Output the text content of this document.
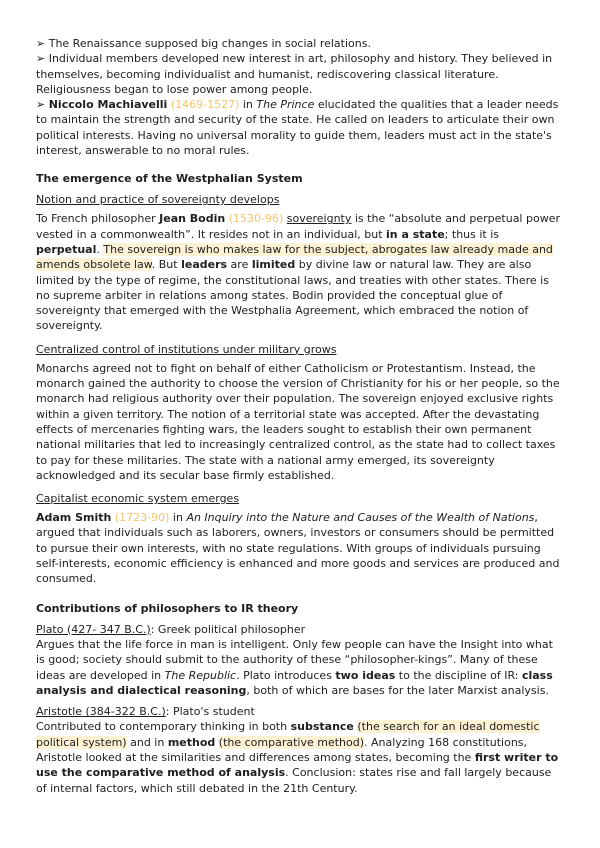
➢ The Renaissance supposed big changes in social relations.

➢ Individual members developed new interest in art, philosophy and history. They believed in themselves, becoming individualist and humanist, rediscovering classical literature. Religiousness began to lose power among people.

➢ Niccolo Machiavelli (1469-1527) in The Prince elucidated the qualities that a leader needs to maintain the strength and security of the state. He called on leaders to articulate their own political interests. Having no universal morality to guide them, leaders must act in the state's interest, answerable to no moral rules.

The emergence of the Westphalian System
Notion and practice of sovereignty develops

To French philosopher Jean Bodin (1530-96) sovereignty is the “absolute and perpetual power vested in a commonwealth”. It resides not in an individual, but in a state; thus it is perpetual. The sovereign is who makes law for the subject, abrogates law already made and amends obsolete law. But leaders are limited by divine law or natural law. They are also limited by the type of regime, the constitutional laws, and treaties with other states. There is no supreme arbiter in relations among states. Bodin provided the conceptual glue of sovereignty that emerged with the Westphalia Agreement, which embraced the notion of sovereignty.

Centralized control of institutions under military grows

Monarchs agreed not to fight on behalf of either Catholicism or Protestantism. Instead, the monarch gained the authority to choose the version of Christianity for his or her people, so the monarch had religious authority over their population. The sovereign enjoyed exclusive rights within a given territory. The notion of a territorial state was accepted. After the devastating effects of mercenaries fighting wars, the leaders sought to establish their own permanent national militaries that led to increasingly centralized control, as the state had to collect taxes to pay for these militaries. The state with a national army emerged, its sovereignty acknowledged and its secular base firmly established.

Capitalist economic system emerges

Adam Smith (1723-90) in An Inquiry into the Nature and Causes of the Wealth of Nations, argued that individuals such as laborers, owners, investors or consumers should be permitted to pursue their own interests, with no state regulations. With groups of individuals pursuing self-interests, economic efficiency is enhanced and more goods and services are produced and consumed.

Contributions of philosophers to IR theory

Plato (427- 347 B.C.): Greek political philosopher

Argues that the life force in man is intelligent. Only few people can have the Insight into what is good; society should submit to the authority of these “philosopher-kings”. Many of these ideas are developed in The Republic. Plato introduces two ideas to the discipline of IR: class analysis and dialectical reasoning, both of which are bases for the later Marxist analysis.

Aristotle (384-322 B.C.): Plato's student

Contributed to contemporary thinking in both substance (the search for an ideal domestic political system) and in method (the comparative method). Analyzing 168 constitutions, Aristotle looked at the similarities and differences among states, becoming the first writer to use the comparative method of analysis. Conclusion: states rise and fall largely because of internal factors, which still debated in the 21th Century.
